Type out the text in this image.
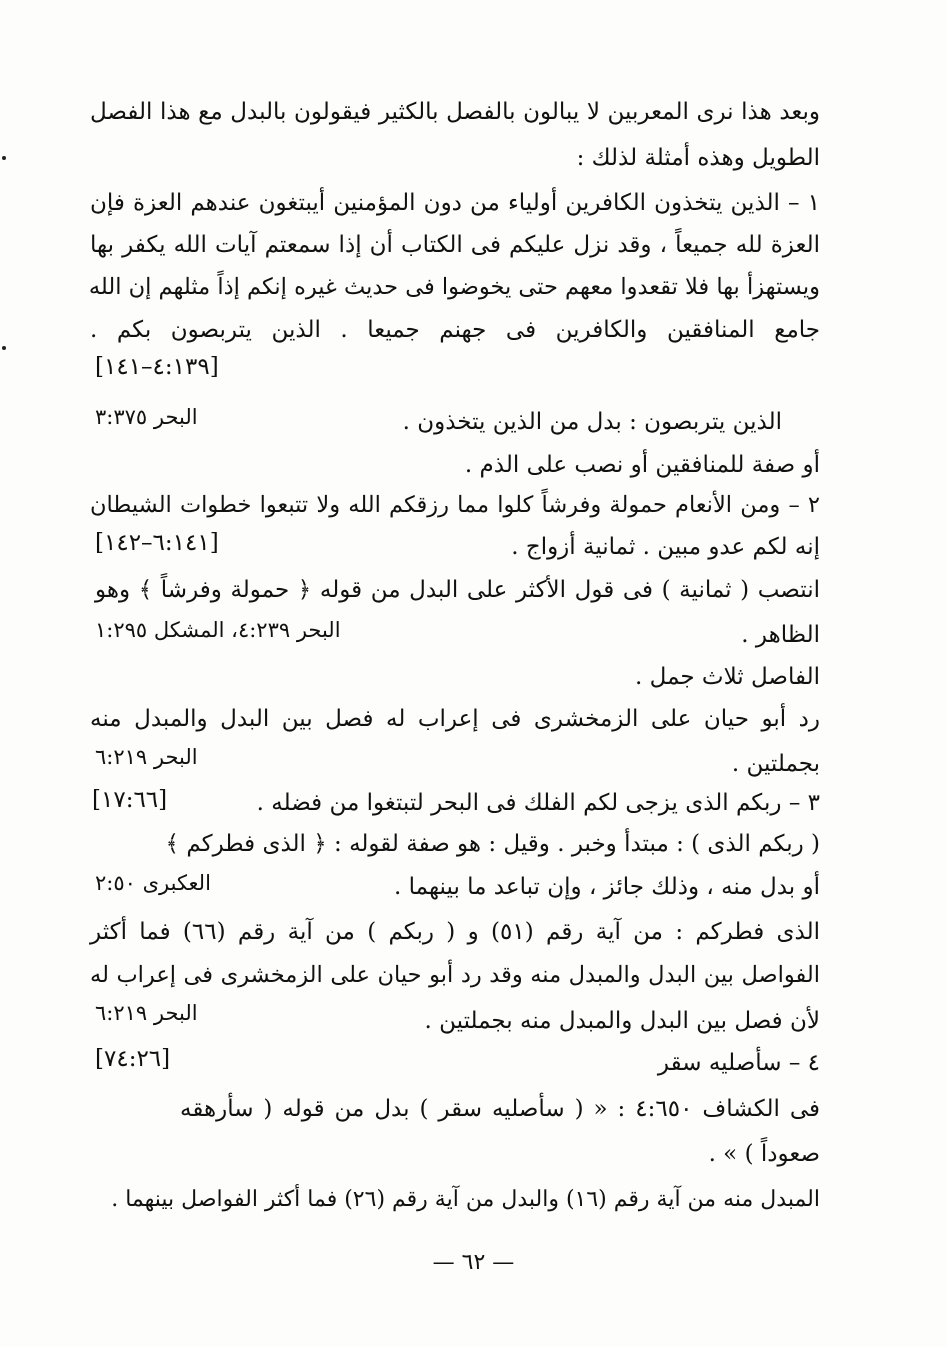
وبعد هذا نرى المعربين لا يبالون بالفصل بالكثير فيقولون بالبدل مع هذا الفصل
الطويل وهذه أمثلة لذلك :
١ – الذين يتخذون الكافرين أولياء من دون المؤمنين أيبتغون عندهم العزة فإن
العزة لله جميعاً ، وقد نزل عليكم فى الكتاب أن إذا سمعتم آيات الله يكفر بها
ويستهزأ بها فلا تقعدوا معهم حتى يخوضوا فى حديث غيره إنكم إذاً مثلهم إن الله
جامع المنافقين والكافرين فى جهنم جميعا . الذين يتربصون بكم .
[٤:١٣٩–١٤١]
الذين يتربصون : بدل من الذين يتخذون .
البحر ٣:٣٧٥
أو صفة للمنافقين أو نصب على الذم .
٢ – ومن الأنعام حمولة وفرشاً كلوا مما رزقكم الله ولا تتبعوا خطوات الشيطان
إنه لكم عدو مبين . ثمانية أزواج .
[٦:١٤١–١٤٢]
انتصب ( ثمانية ) فى قول الأكثر على البدل من قوله ﴿ حمولة وفرشاً ﴾ وهو
الظاهر .
البحر ٤:٢٣٩، المشكل ١:٢٩٥
الفاصل ثلاث جمل .
رد أبو حيان على الزمخشرى فى إعراب له فصل بين البدل والمبدل منه
بجملتين .
البحر ٦:٢١٩
٣ – ربكم الذى يزجى لكم الفلك فى البحر لتبتغوا من فضله .
[١٧:٦٦]
( ربكم الذى ) : مبتدأ وخبر . وقيل : هو صفة لقوله : ﴿ الذى فطركم ﴾
أو بدل منه ، وذلك جائز ، وإن تباعد ما بينهما .
العكبرى ٢:٥٠
الذى فطركم : من آية رقم (٥١) و ( ربكم ) من آية رقم (٦٦) فما أكثر
الفواصل بين البدل والمبدل منه وقد رد أبو حيان على الزمخشرى فى إعراب له
لأن فصل بين البدل والمبدل منه بجملتين .
البحر ٦:٢١٩
٤ – سأصليه سقر
[٧٤:٢٦]
فى الكشاف ٤:٦٥٠ : « ( سأصليه سقر ) بدل من قوله ( سأرهقه
صعوداً ) » .
المبدل منه من آية رقم (١٦) والبدل من آية رقم (٢٦) فما أكثر الفواصل بينهما .
— ٦٢ —
